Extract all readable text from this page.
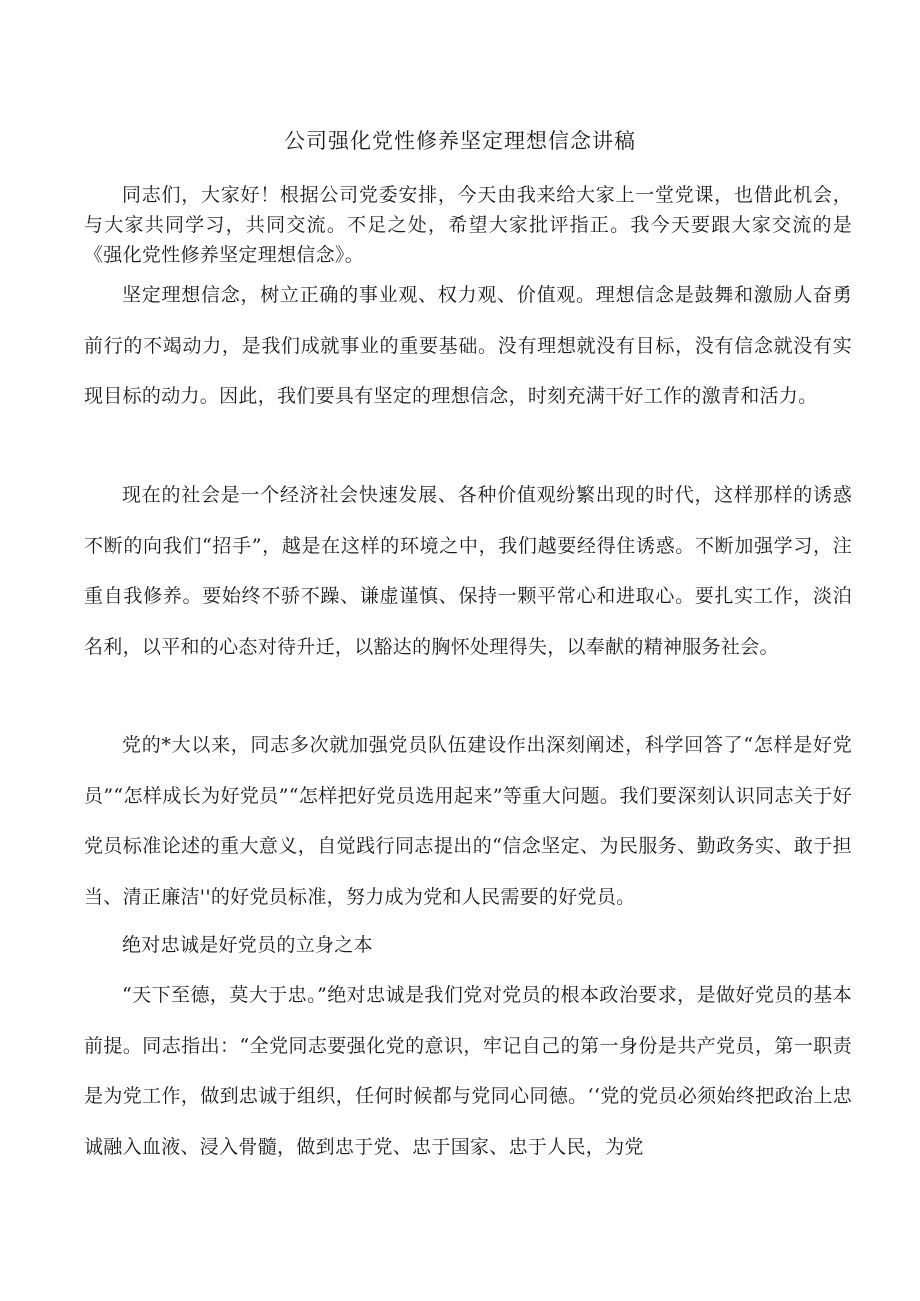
公司强化党性修养坚定理想信念讲稿

同志们，大家好！根据公司党委安排，今天由我来给大家上一堂党课，也借此机会，与大家共同学习，共同交流。不足之处，希望大家批评指正。我今天要跟大家交流的是《强化党性修养坚定理想信念》。

坚定理想信念，树立正确的事业观、权力观、价值观。理想信念是鼓舞和激励人奋勇前行的不竭动力，是我们成就事业的重要基础。没有理想就没有目标，没有信念就没有实现目标的动力。因此，我们要具有坚定的理想信念，时刻充满干好工作的激青和活力。

现在的社会是一个经济社会快速发展、各种价值观纷繁出现的时代，这样那样的诱惑不断的向我们“招手”，越是在这样的环境之中，我们越要经得住诱惑。不断加强学习，注重自我修养。要始终不骄不躁、谦虚谨慎、保持一颗平常心和进取心。要扎实工作，淡泊名利，以平和的心态对待升迁，以豁达的胸怀处理得失，以奉献的精神服务社会。

党的*大以来，同志多次就加强党员队伍建设作出深刻阐述，科学回答了“怎样是好党员”“怎样成长为好党员”“怎样把好党员选用起来”等重大问题。我们要深刻认识同志关于好党员标准论述的重大意义，自觉践行同志提出的“信念坚定、为民服务、勤政务实、敢于担当、清正廉洁''的好党员标准，努力成为党和人民需要的好党员。

绝对忠诚是好党员的立身之本

“天下至德，莫大于忠。”绝对忠诚是我们党对党员的根本政治要求，是做好党员的基本前提。同志指出：“全党同志要强化党的意识，牢记自己的第一身份是共产党员，第一职责是为党工作，做到忠诚于组织，任何时候都与党同心同德。‘‘党的党员必须始终把政治上忠诚融入血液、浸入骨髓，做到忠于党、忠于国家、忠于人民，为党
